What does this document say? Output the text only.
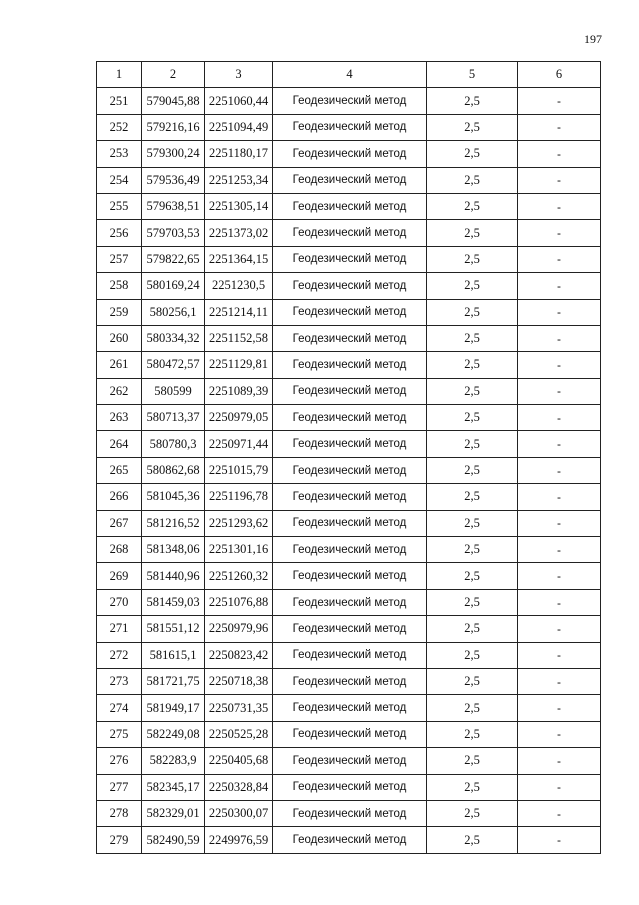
197
1	2	3	4	5	6
251	579045,88	2251060,44	Геодезический метод	2,5	-
252	579216,16	2251094,49	Геодезический метод	2,5	-
253	579300,24	2251180,17	Геодезический метод	2,5	-
254	579536,49	2251253,34	Геодезический метод	2,5	-
255	579638,51	2251305,14	Геодезический метод	2,5	-
256	579703,53	2251373,02	Геодезический метод	2,5	-
257	579822,65	2251364,15	Геодезический метод	2,5	-
258	580169,24	2251230,5	Геодезический метод	2,5	-
259	580256,1	2251214,11	Геодезический метод	2,5	-
260	580334,32	2251152,58	Геодезический метод	2,5	-
261	580472,57	2251129,81	Геодезический метод	2,5	-
262	580599	2251089,39	Геодезический метод	2,5	-
263	580713,37	2250979,05	Геодезический метод	2,5	-
264	580780,3	2250971,44	Геодезический метод	2,5	-
265	580862,68	2251015,79	Геодезический метод	2,5	-
266	581045,36	2251196,78	Геодезический метод	2,5	-
267	581216,52	2251293,62	Геодезический метод	2,5	-
268	581348,06	2251301,16	Геодезический метод	2,5	-
269	581440,96	2251260,32	Геодезический метод	2,5	-
270	581459,03	2251076,88	Геодезический метод	2,5	-
271	581551,12	2250979,96	Геодезический метод	2,5	-
272	581615,1	2250823,42	Геодезический метод	2,5	-
273	581721,75	2250718,38	Геодезический метод	2,5	-
274	581949,17	2250731,35	Геодезический метод	2,5	-
275	582249,08	2250525,28	Геодезический метод	2,5	-
276	582283,9	2250405,68	Геодезический метод	2,5	-
277	582345,17	2250328,84	Геодезический метод	2,5	-
278	582329,01	2250300,07	Геодезический метод	2,5	-
279	582490,59	2249976,59	Геодезический метод	2,5	-
